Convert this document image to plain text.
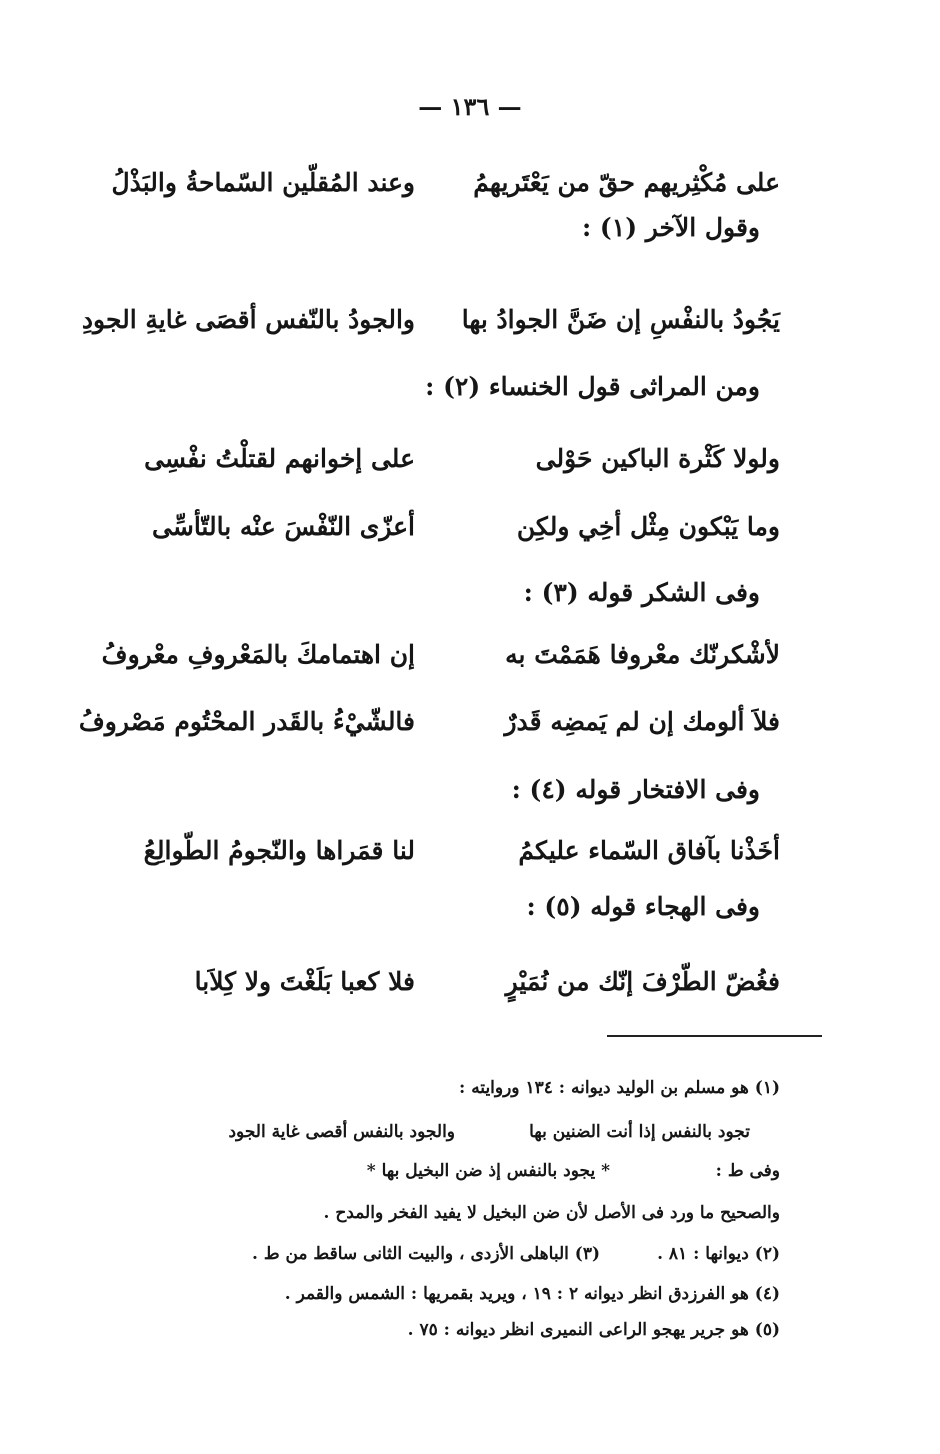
— ١٣٦ —
على مُكْثِريهم حقّ من يَعْتَريهمُ
وعند المُقلّين السّماحةُ والبَذْلُ
وقول الآخر (١) :
يَجُودُ بالنفْسِ إن ضَنَّ الجوادُ بها
والجودُ بالنّفس أقصَى غايةِ الجودِ
ومن المراثى قول الخنساء (٢) :
ولولا كَثْرة الباكين حَوْلى
على إخوانهم لقتلْتُ نفْسِى
وما يَبْكون مِثْل أخِي ولكِن
أعزّى النّفْسَ عنْه بالتّأسِّى
وفى الشكر قوله (٣) :
لأشْكرنّك معْروفا هَمَمْتَ به
إن اهتمامكَ بالمَعْروفِ معْروفُ
فلاَ ألومك إن لم يَمضِه قَدرٌ
فالشّيْءُ بالقَدر المحْتُوم مَصْروفُ
وفى الافتخار قوله (٤) :
أخَذْنا بآفاق السّماء عليكمُ
لنا قمَراها والنّجومُ الطّوالِعُ
وفى الهجاء قوله (٥) :
فغُضّ الطّرْفَ إنّك من نُمَيْرٍ
فلا كعبا بَلَغْتَ ولا كِلاَبا
(١) هو مسلم بن الوليد ديوانه : ١٣٤ وروايته :
تجود بالنفس إذا أنت الضنين بها
والجود بالنفس أقصى غاية الجود
وفى ط :
* يجود بالنفس إذ ضن البخيل بها *
والصحيح ما ورد فى الأصل لأن ضن البخيل لا يفيد الفخر والمدح .
(٢) ديوانها : ٨١ .
(٣) الباهلى الأزدى ، والبيت الثانى ساقط من ط .
(٤) هو الفرزدق انظر ديوانه ٢ : ١٩ ، ويريد بقمريها : الشمس والقمر .
(٥) هو جرير يهجو الراعى النميرى انظر ديوانه : ٧٥ .
